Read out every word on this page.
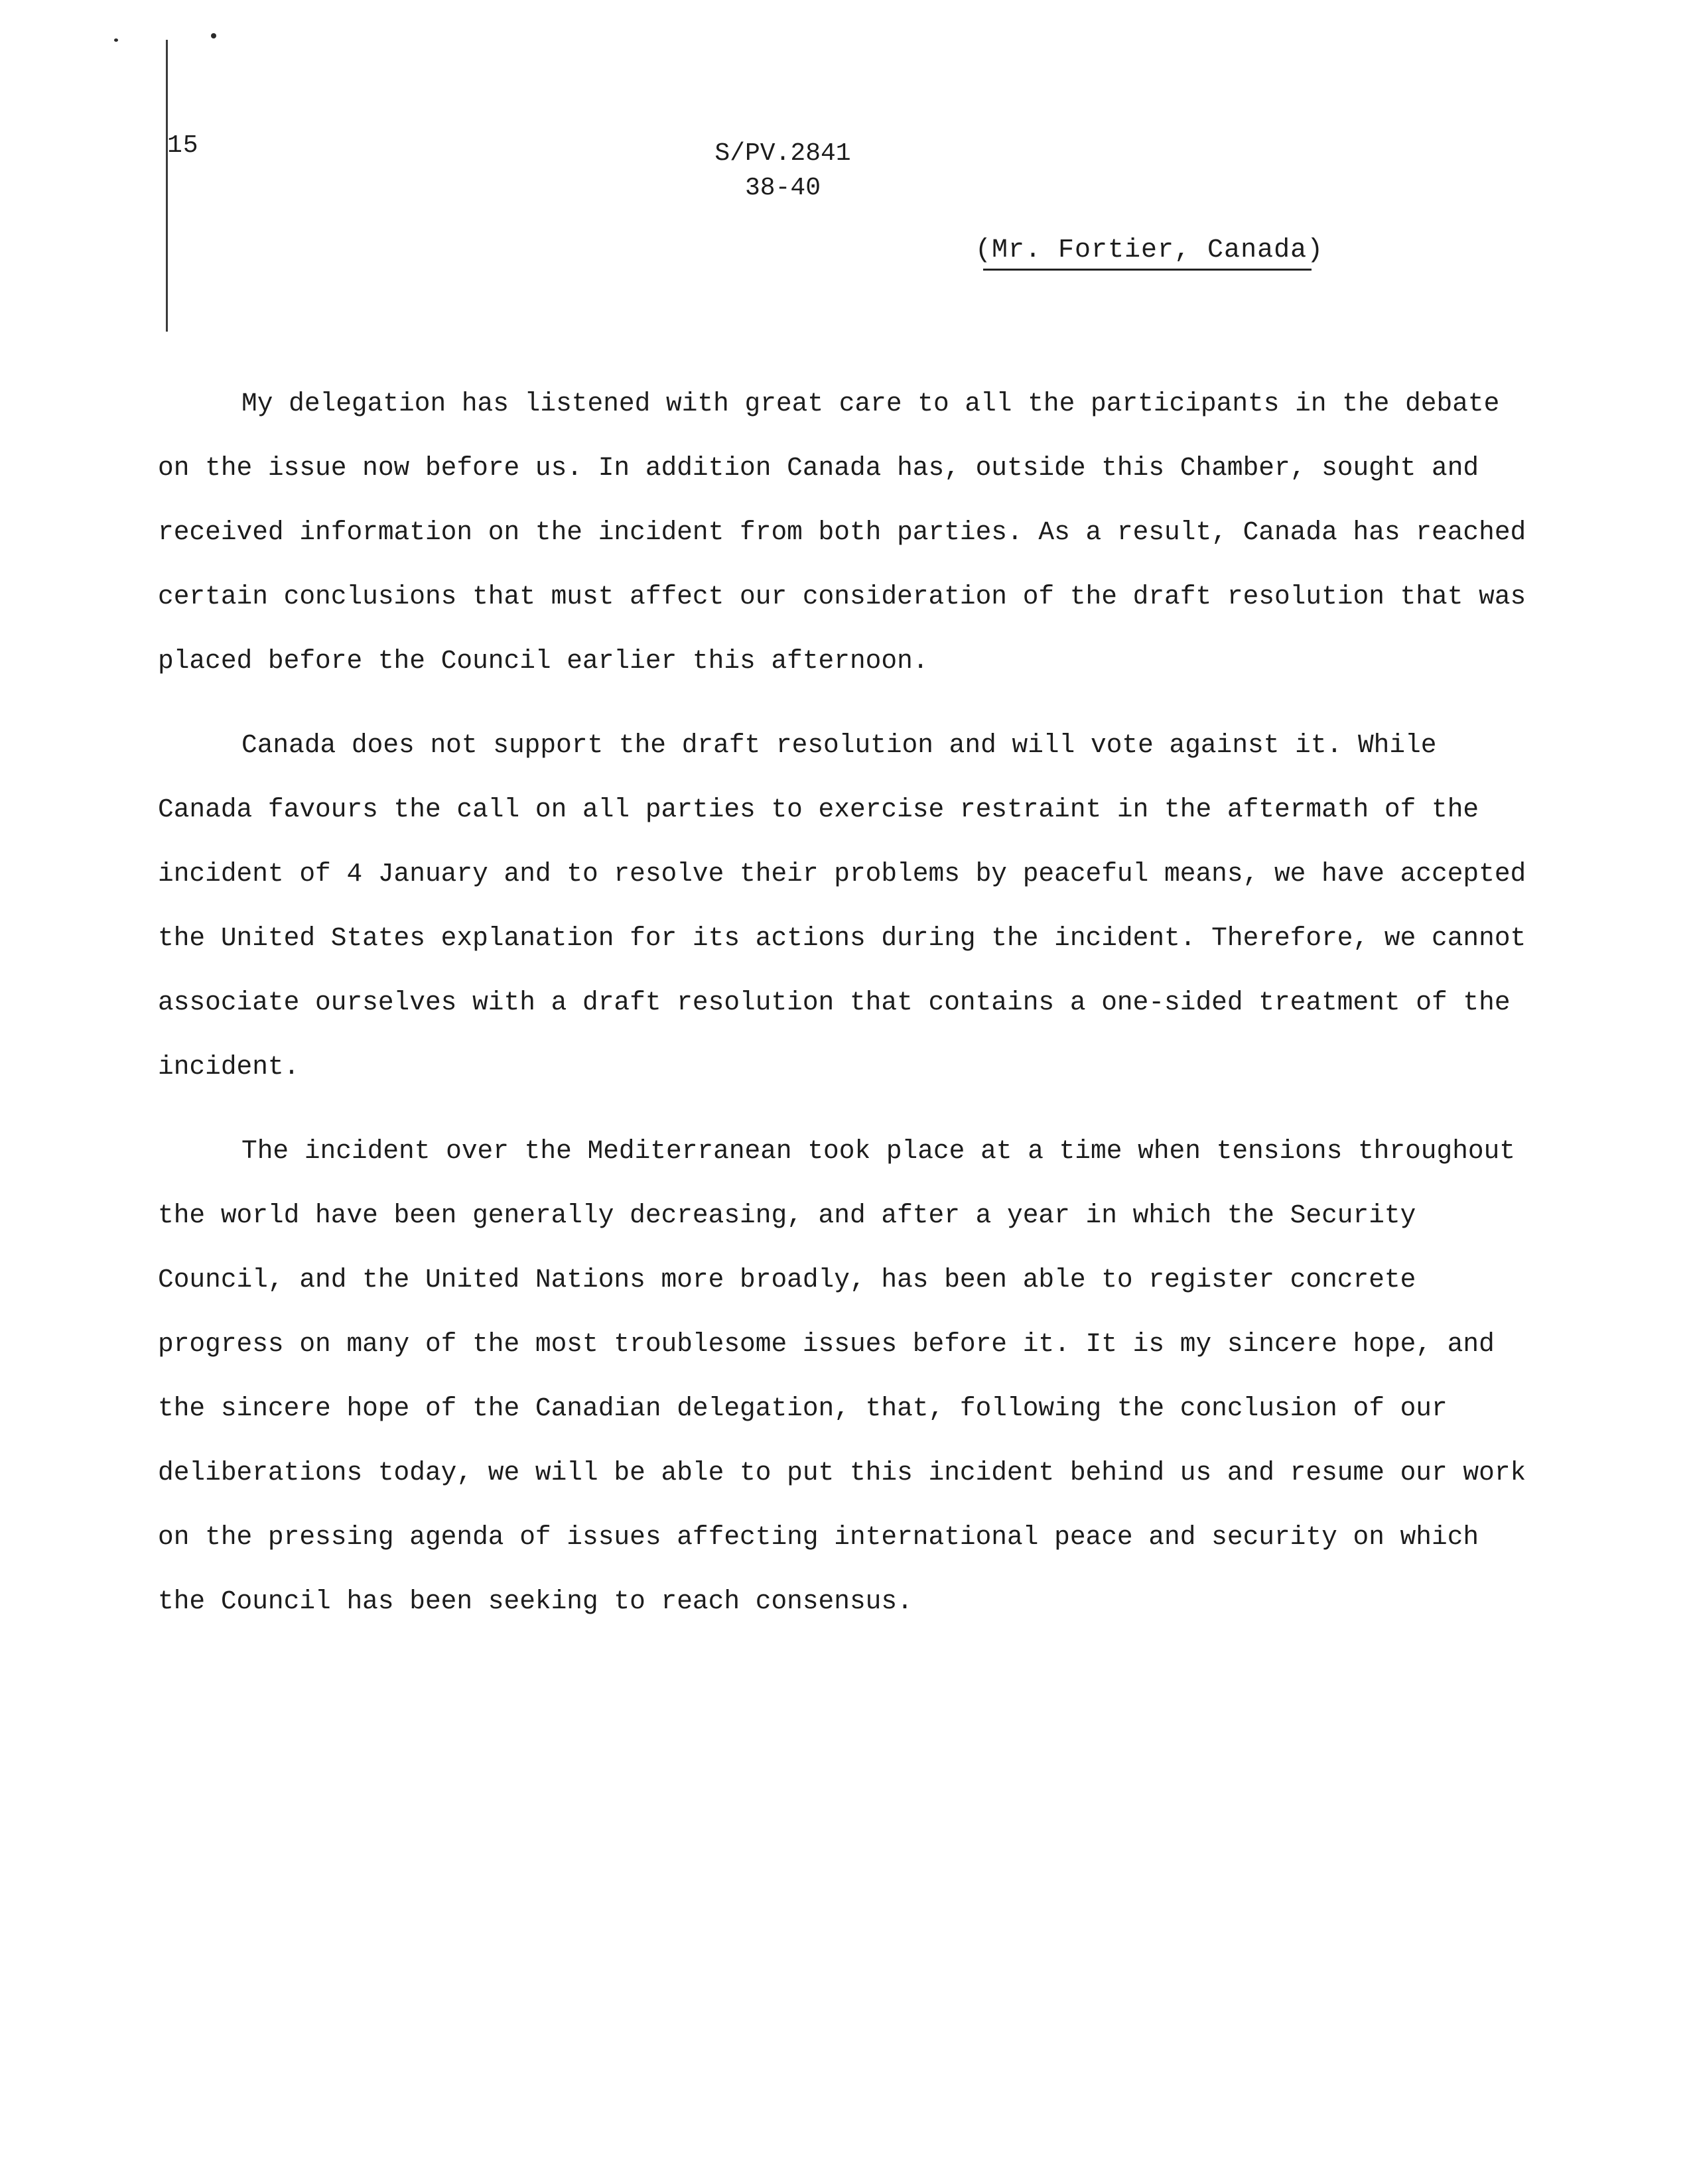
15	S/PV.2841
38-40
(Mr. Fortier, Canada)

My delegation has listened with great care to all the participants in the debate on the issue now before us. In addition Canada has, outside this Chamber, sought and received information on the incident from both parties. As a result, Canada has reached certain conclusions that must affect our consideration of the draft resolution that was placed before the Council earlier this afternoon.

Canada does not support the draft resolution and will vote against it. While Canada favours the call on all parties to exercise restraint in the aftermath of the incident of 4 January and to resolve their problems by peaceful means, we have accepted the United States explanation for its actions during the incident. Therefore, we cannot associate ourselves with a draft resolution that contains a one-sided treatment of the incident.

The incident over the Mediterranean took place at a time when tensions throughout the world have been generally decreasing, and after a year in which the Security Council, and the United Nations more broadly, has been able to register concrete progress on many of the most troublesome issues before it. It is my sincere hope, and the sincere hope of the Canadian delegation, that, following the conclusion of our deliberations today, we will be able to put this incident behind us and resume our work on the pressing agenda of issues affecting international peace and security on which the Council has been seeking to reach consensus.
